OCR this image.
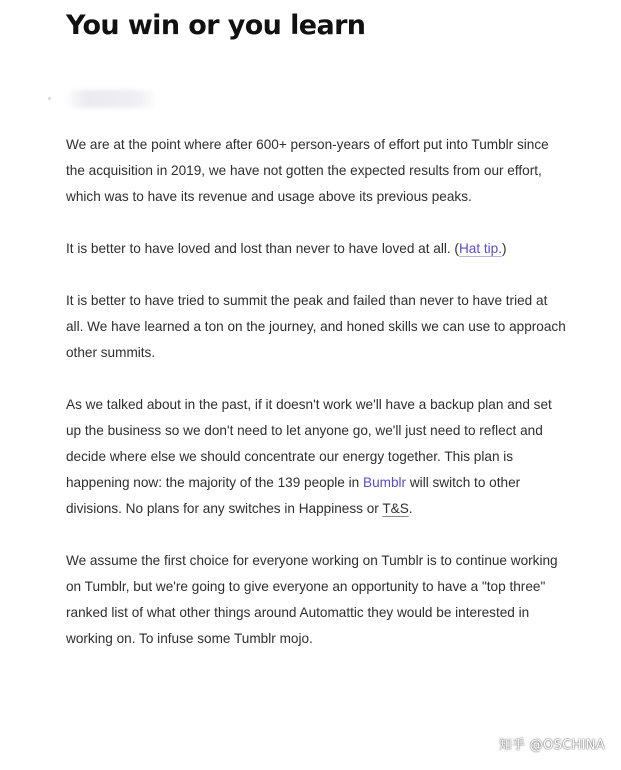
You win or you learn

We are at the point where after 600+ person-years of effort put into Tumblr since the acquisition in 2019, we have not gotten the expected results from our effort, which was to have its revenue and usage above its previous peaks.

It is better to have loved and lost than never to have loved at all. (Hat tip.)

It is better to have tried to summit the peak and failed than never to have tried at all. We have learned a ton on the journey, and honed skills we can use to approach other summits.

As we talked about in the past, if it doesn't work we'll have a backup plan and set up the business so we don't need to let anyone go, we'll just need to reflect and decide where else we should concentrate our energy together. This plan is happening now: the majority of the 139 people in Bumblr will switch to other divisions. No plans for any switches in Happiness or T&S.

We assume the first choice for everyone working on Tumblr is to continue working on Tumblr, but we're going to give everyone an opportunity to have a "top three" ranked list of what other things around Automattic they would be interested in working on. To infuse some Tumblr mojo.

知乎 @OSCHINA
